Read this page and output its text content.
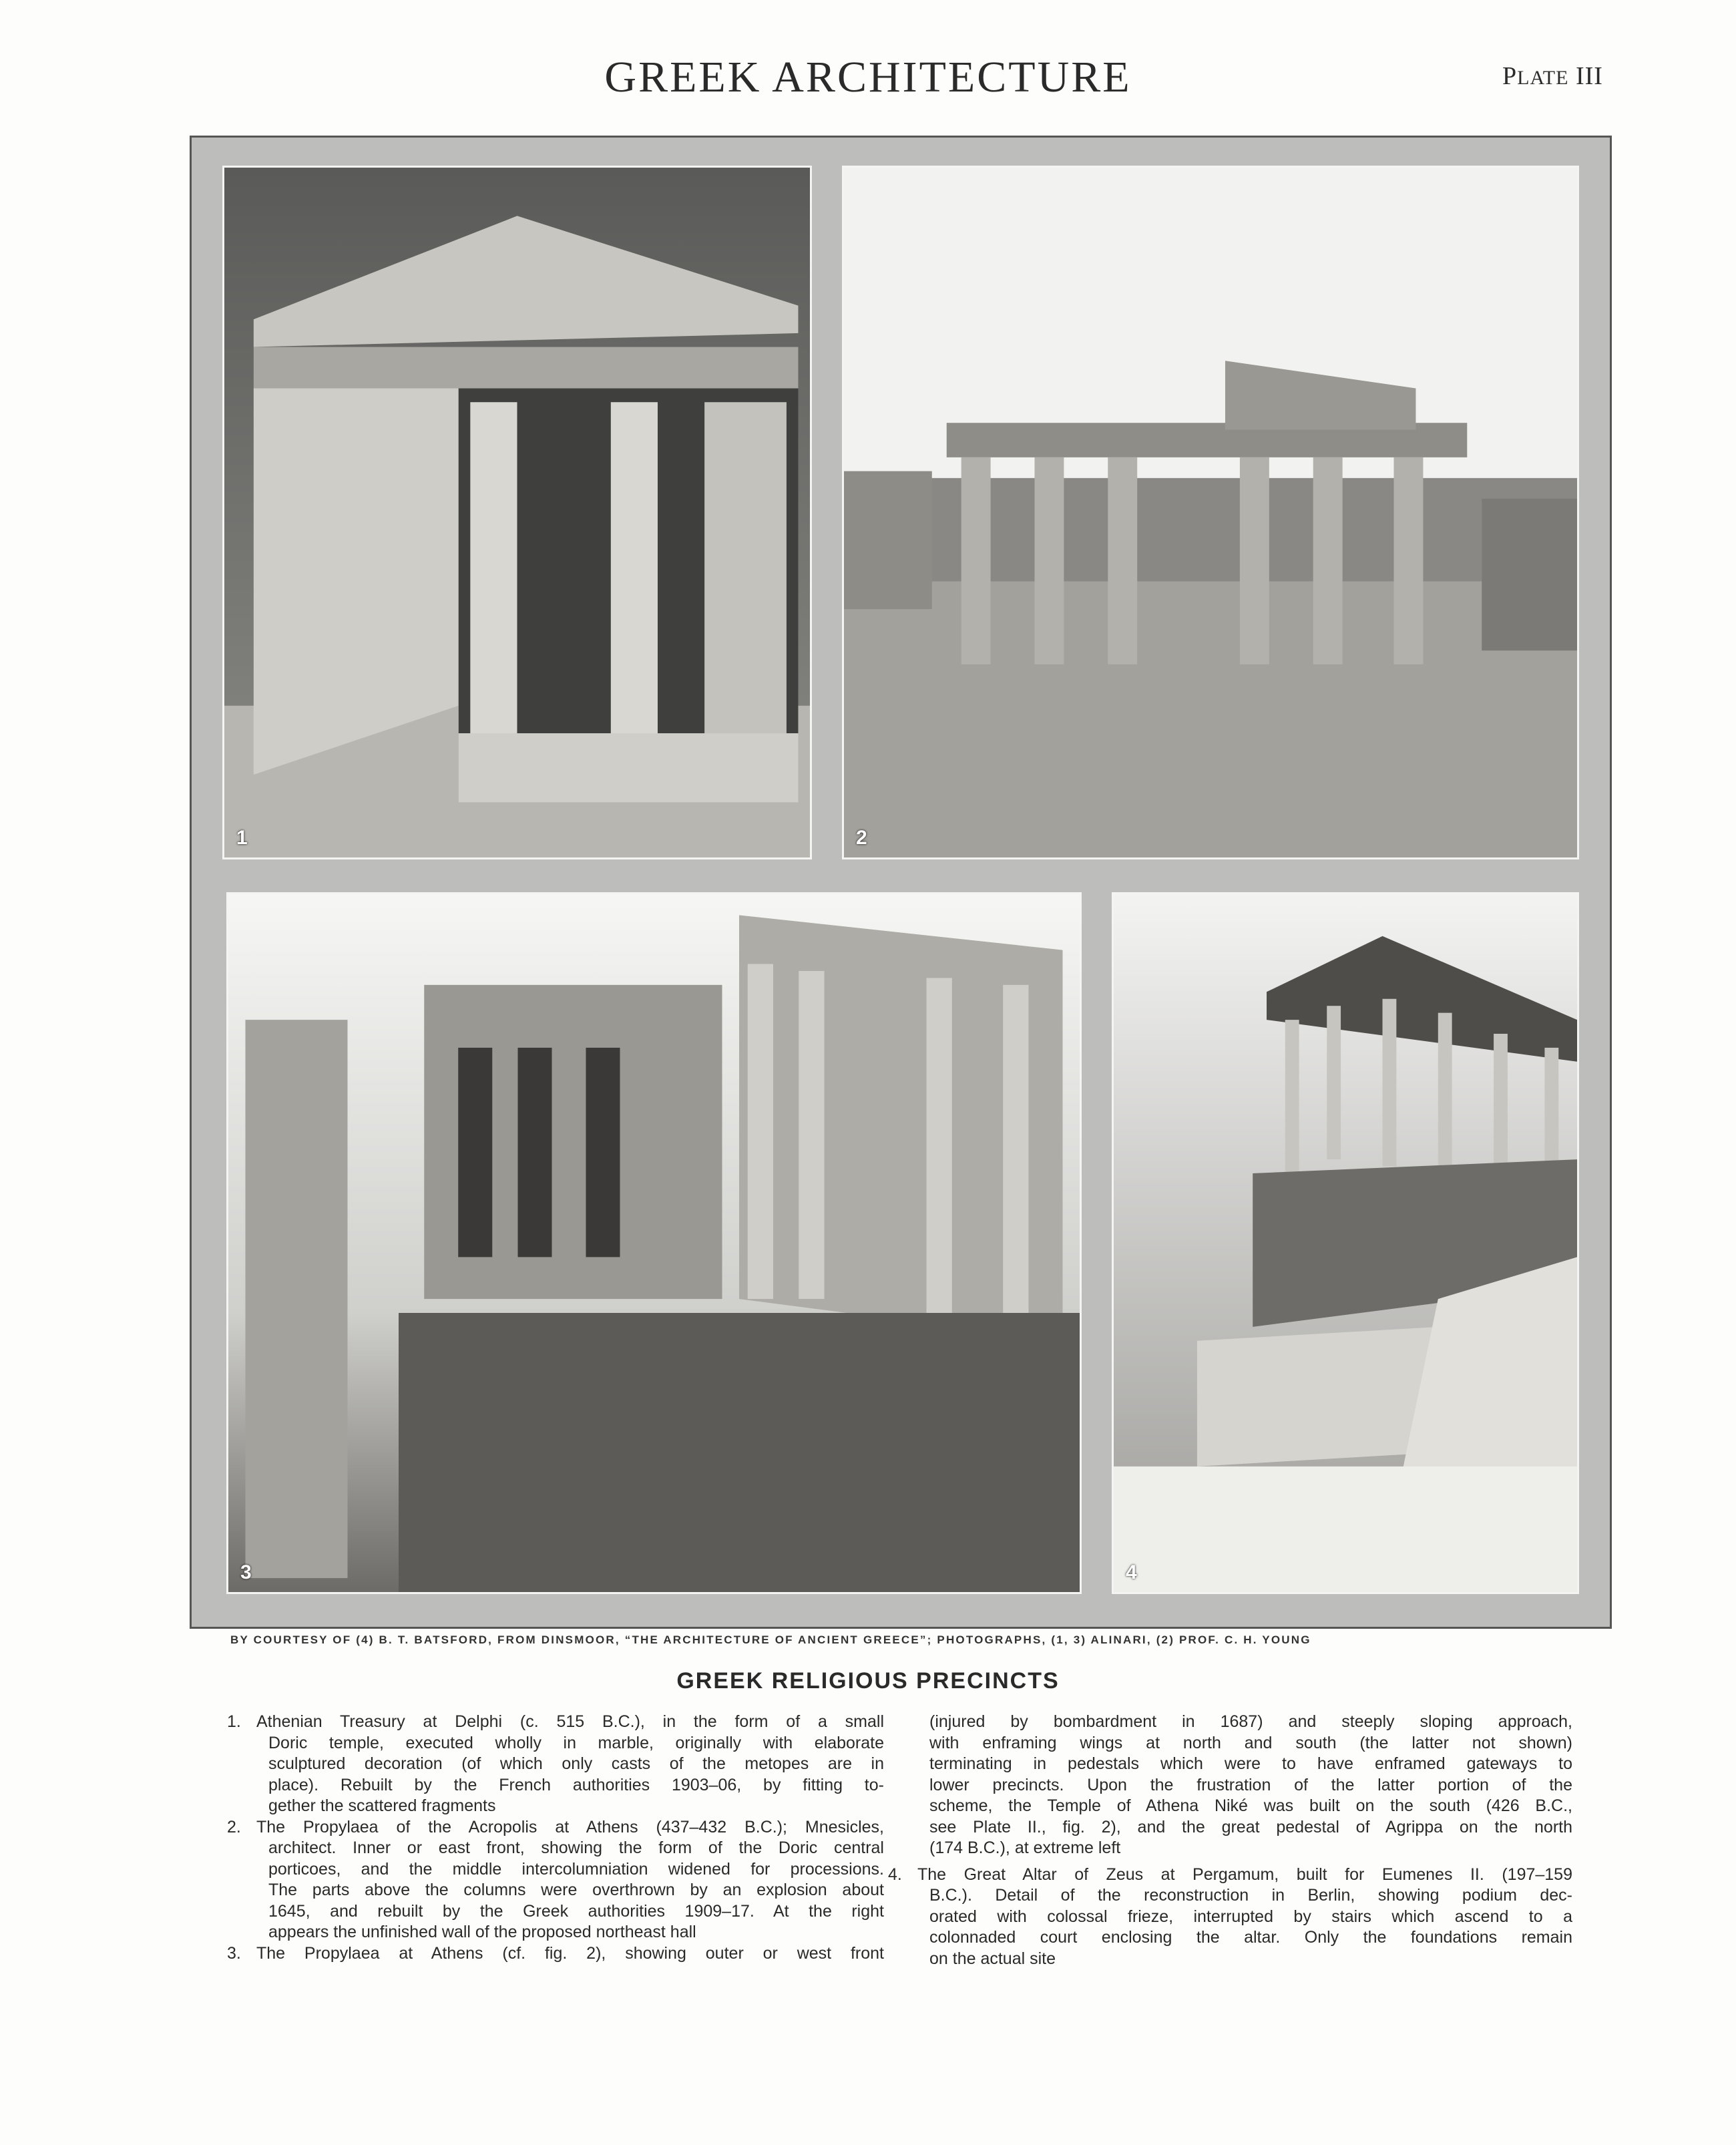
GREEK ARCHITECTURE	PLATE III
1	2
3	4
BY COURTESY OF (4) B. T. BATSFORD, FROM DINSMOOR, “THE ARCHITECTURE OF ANCIENT GREECE”; PHOTOGRAPHS, (1, 3) ALINARI, (2) PROF. C. H. YOUNG
GREEK RELIGIOUS PRECINCTS
1. Athenian Treasury at Delphi (c. 515 B.C.), in the form of a small
Doric temple, executed wholly in marble, originally with elaborate
sculptured decoration (of which only casts of the metopes are in
place). Rebuilt by the French authorities 1903–06, by fitting to-
gether the scattered fragments
2. The Propylaea of the Acropolis at Athens (437–432 B.C.); Mnesicles,
architect. Inner or east front, showing the form of the Doric central
porticoes, and the middle intercolumniation widened for processions.
The parts above the columns were overthrown by an explosion about
1645, and rebuilt by the Greek authorities 1909–17. At the right
appears the unfinished wall of the proposed northeast hall
3. The Propylaea at Athens (cf. fig. 2), showing outer or west front
(injured by bombardment in 1687) and steeply sloping approach,
with enframing wings at north and south (the latter not shown)
terminating in pedestals which were to have enframed gateways to
lower precincts. Upon the frustration of the latter portion of the
scheme, the Temple of Athena Niké was built on the south (426 B.C.,
see Plate II., fig. 2), and the great pedestal of Agrippa on the north
(174 B.C.), at extreme left
4. The Great Altar of Zeus at Pergamum, built for Eumenes II. (197–159
B.C.). Detail of the reconstruction in Berlin, showing podium dec-
orated with colossal frieze, interrupted by stairs which ascend to a
colonnaded court enclosing the altar. Only the foundations remain
on the actual site
